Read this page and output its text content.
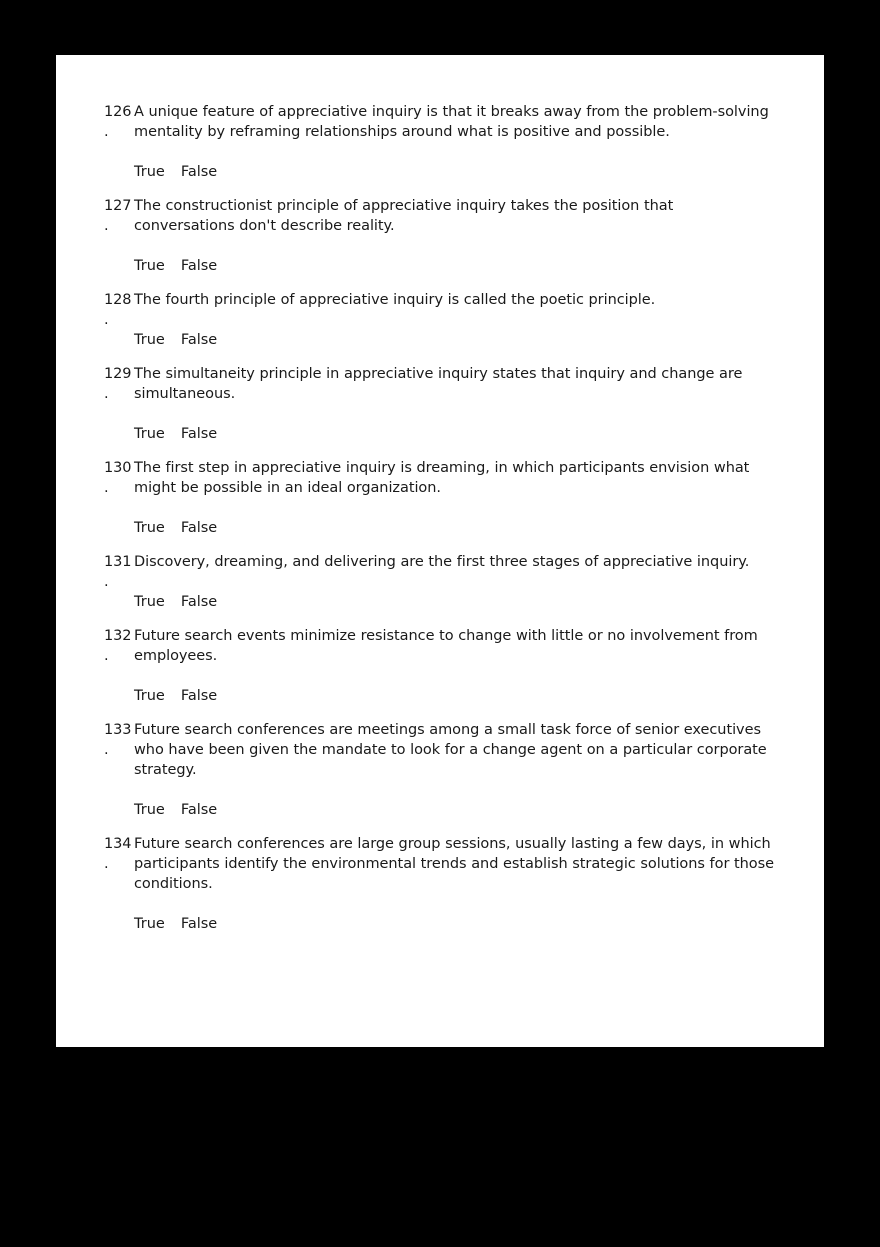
126
.

A unique feature of appreciative inquiry is that it breaks away from the problem-solving mentality by reframing relationships around what is positive and possible.

True False
127
.

The constructionist principle of appreciative inquiry takes the position that conversations don't describe reality.

True False
128
.

The fourth principle of appreciative inquiry is called the poetic principle.

True False
129
.

The simultaneity principle in appreciative inquiry states that inquiry and change are simultaneous.

True False
130
.

The first step in appreciative inquiry is dreaming, in which participants envision what might be possible in an ideal organization.

True False
131
.

Discovery, dreaming, and delivering are the first three stages of appreciative inquiry.

True False
132
.

Future search events minimize resistance to change with little or no involvement from employees.

True False
133
.

Future search conferences are meetings among a small task force of senior executives who have been given the mandate to look for a change agent on a particular corporate strategy.

True False
134
.

Future search conferences are large group sessions, usually lasting a few days, in which participants identify the environmental trends and establish strategic solutions for those conditions.

True False
